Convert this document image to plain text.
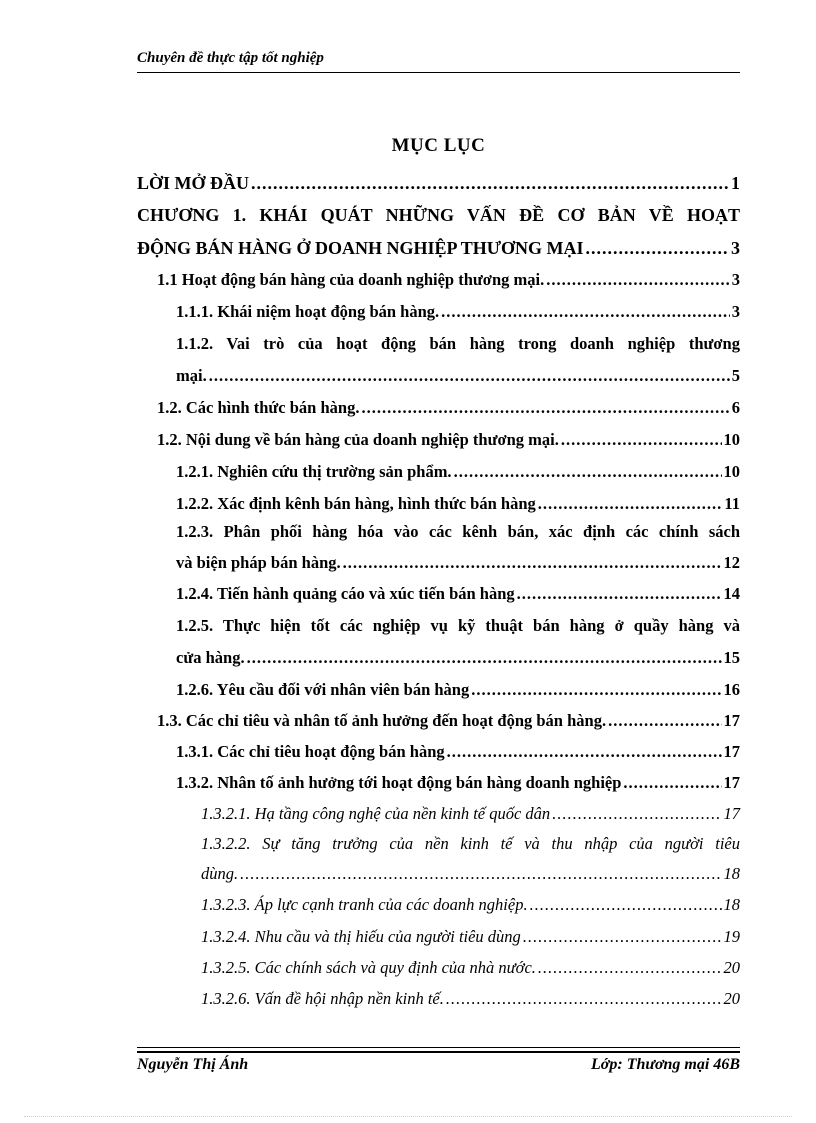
Chuyên đề thực tập tốt nghiệp
MỤC LỤC
LỜI MỞ ĐẦU .....	1
CHƯƠNG 1. KHÁI QUÁT NHỮNG VẤN ĐỀ CƠ BẢN VỀ HOẠT
ĐỘNG BÁN HÀNG Ở DOANH NGHIỆP THƯƠNG MẠI .....	3
1.1 Hoạt động bán hàng của doanh nghiệp thương mại. .....	3
1.1.1. Khái niệm hoạt động bán hàng. .....	3
1.1.2. Vai trò của hoạt động bán hàng trong doanh nghiệp thương
mại. .....	5
1.2. Các hình thức bán hàng. .....	6
1.2. Nội dung về bán hàng của doanh nghiệp thương mại. .....	10
1.2.1. Nghiên cứu thị trường sản phẩm. .....	10
1.2.2. Xác định kênh bán hàng, hình thức bán hàng .....	11
1.2.3. Phân phối hàng hóa vào các kênh bán, xác định các chính sách
và biện pháp bán hàng. .....	12
1.2.4. Tiến hành quảng cáo và xúc tiến bán hàng .....	14
1.2.5. Thực hiện tốt các nghiệp vụ kỹ thuật bán hàng ở quầy hàng và
cửa hàng. .....	15
1.2.6. Yêu cầu đối với nhân viên bán hàng .....	16
1.3. Các chỉ tiêu và nhân tố ảnh hưởng đến hoạt động bán hàng. .....	17
1.3.1. Các chỉ tiêu hoạt động bán hàng .....	17
1.3.2. Nhân tố ảnh hưởng tới hoạt động bán hàng doanh nghiệp .....	17
1.3.2.1. Hạ tầng công nghệ của nền kinh tế quốc dân .....	17
1.3.2.2. Sự tăng trưởng của nền kinh tế và thu nhập của người tiêu
dùng. .....	18
1.3.2.3. Áp lực cạnh tranh của các doanh nghiệp. .....	18
1.3.2.4. Nhu cầu và thị hiếu của người tiêu dùng .....	19
1.3.2.5. Các chính sách và quy định của nhà nước. .....	20
1.3.2.6. Vấn đề hội nhập nền kinh tế. .....	20
Nguyễn Thị Ánh	Lớp: Thương mại 46B
